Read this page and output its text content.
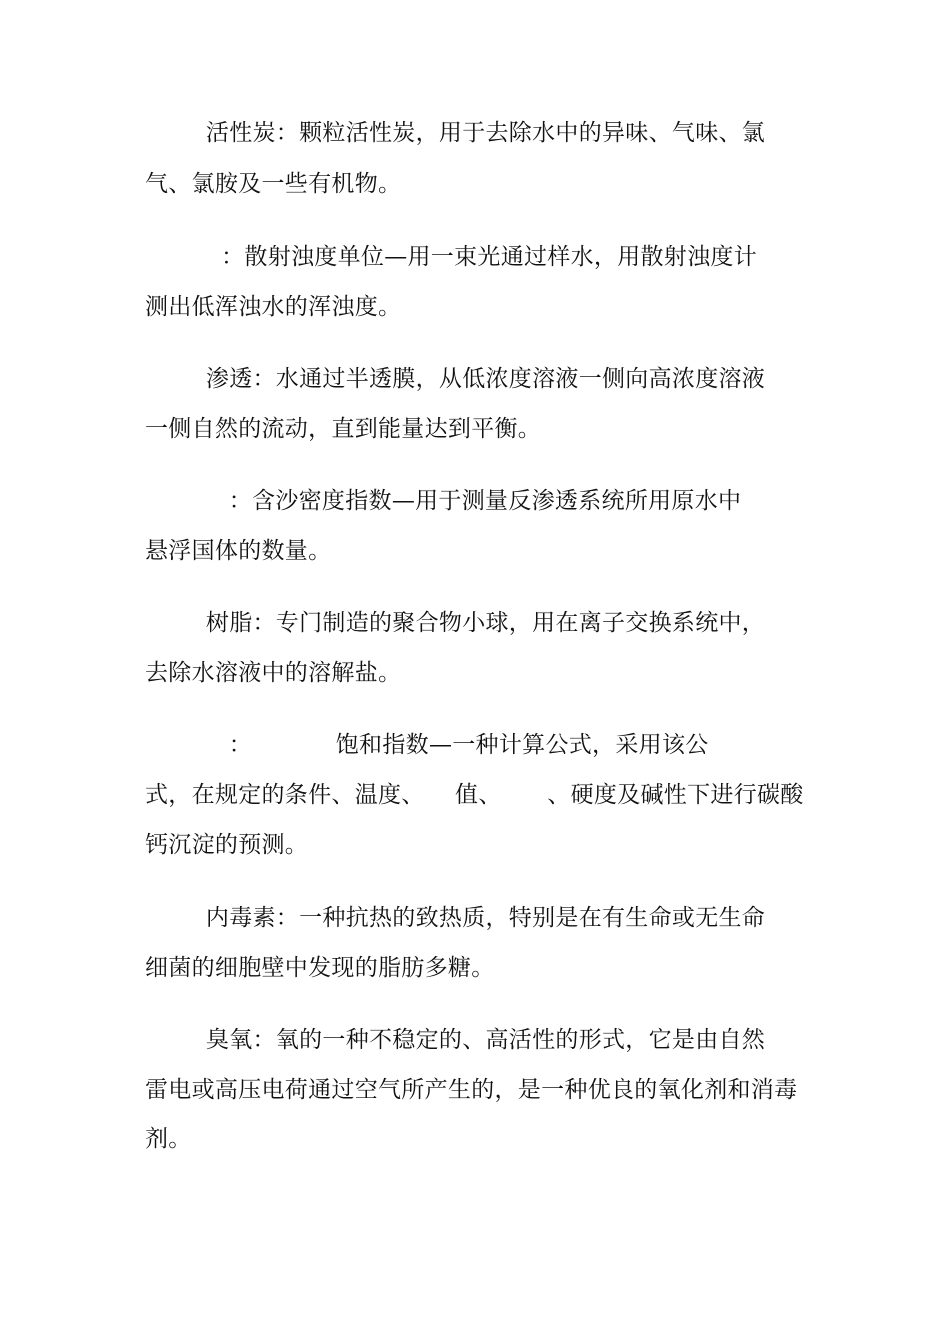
活性炭：颗粒活性炭，用于去除水中的异味、气味、氯
气、氯胺及一些有机物。
：散射浊度单位—用一束光通过样水，用散射浊度计
测出低浑浊水的浑浊度。
渗透：水通过半透膜，从低浓度溶液一侧向高浓度溶液
一侧自然的流动，直到能量达到平衡。
：含沙密度指数—用于测量反渗透系统所用原水中
悬浮国体的数量。
树脂：专门制造的聚合物小球，用在离子交换系统中，
去除水溶液中的溶解盐。
：           饱和指数—一种计算公式，采用该公
式，在规定的条件、温度、    值、      、硬度及碱性下进行碳酸
钙沉淀的预测。
内毒素：一种抗热的致热质，特别是在有生命或无生命
细菌的细胞壁中发现的脂肪多糖。
臭氧：氧的一种不稳定的、高活性的形式，它是由自然
雷电或高压电荷通过空气所产生的，是一种优良的氧化剂和消毒
剂。
